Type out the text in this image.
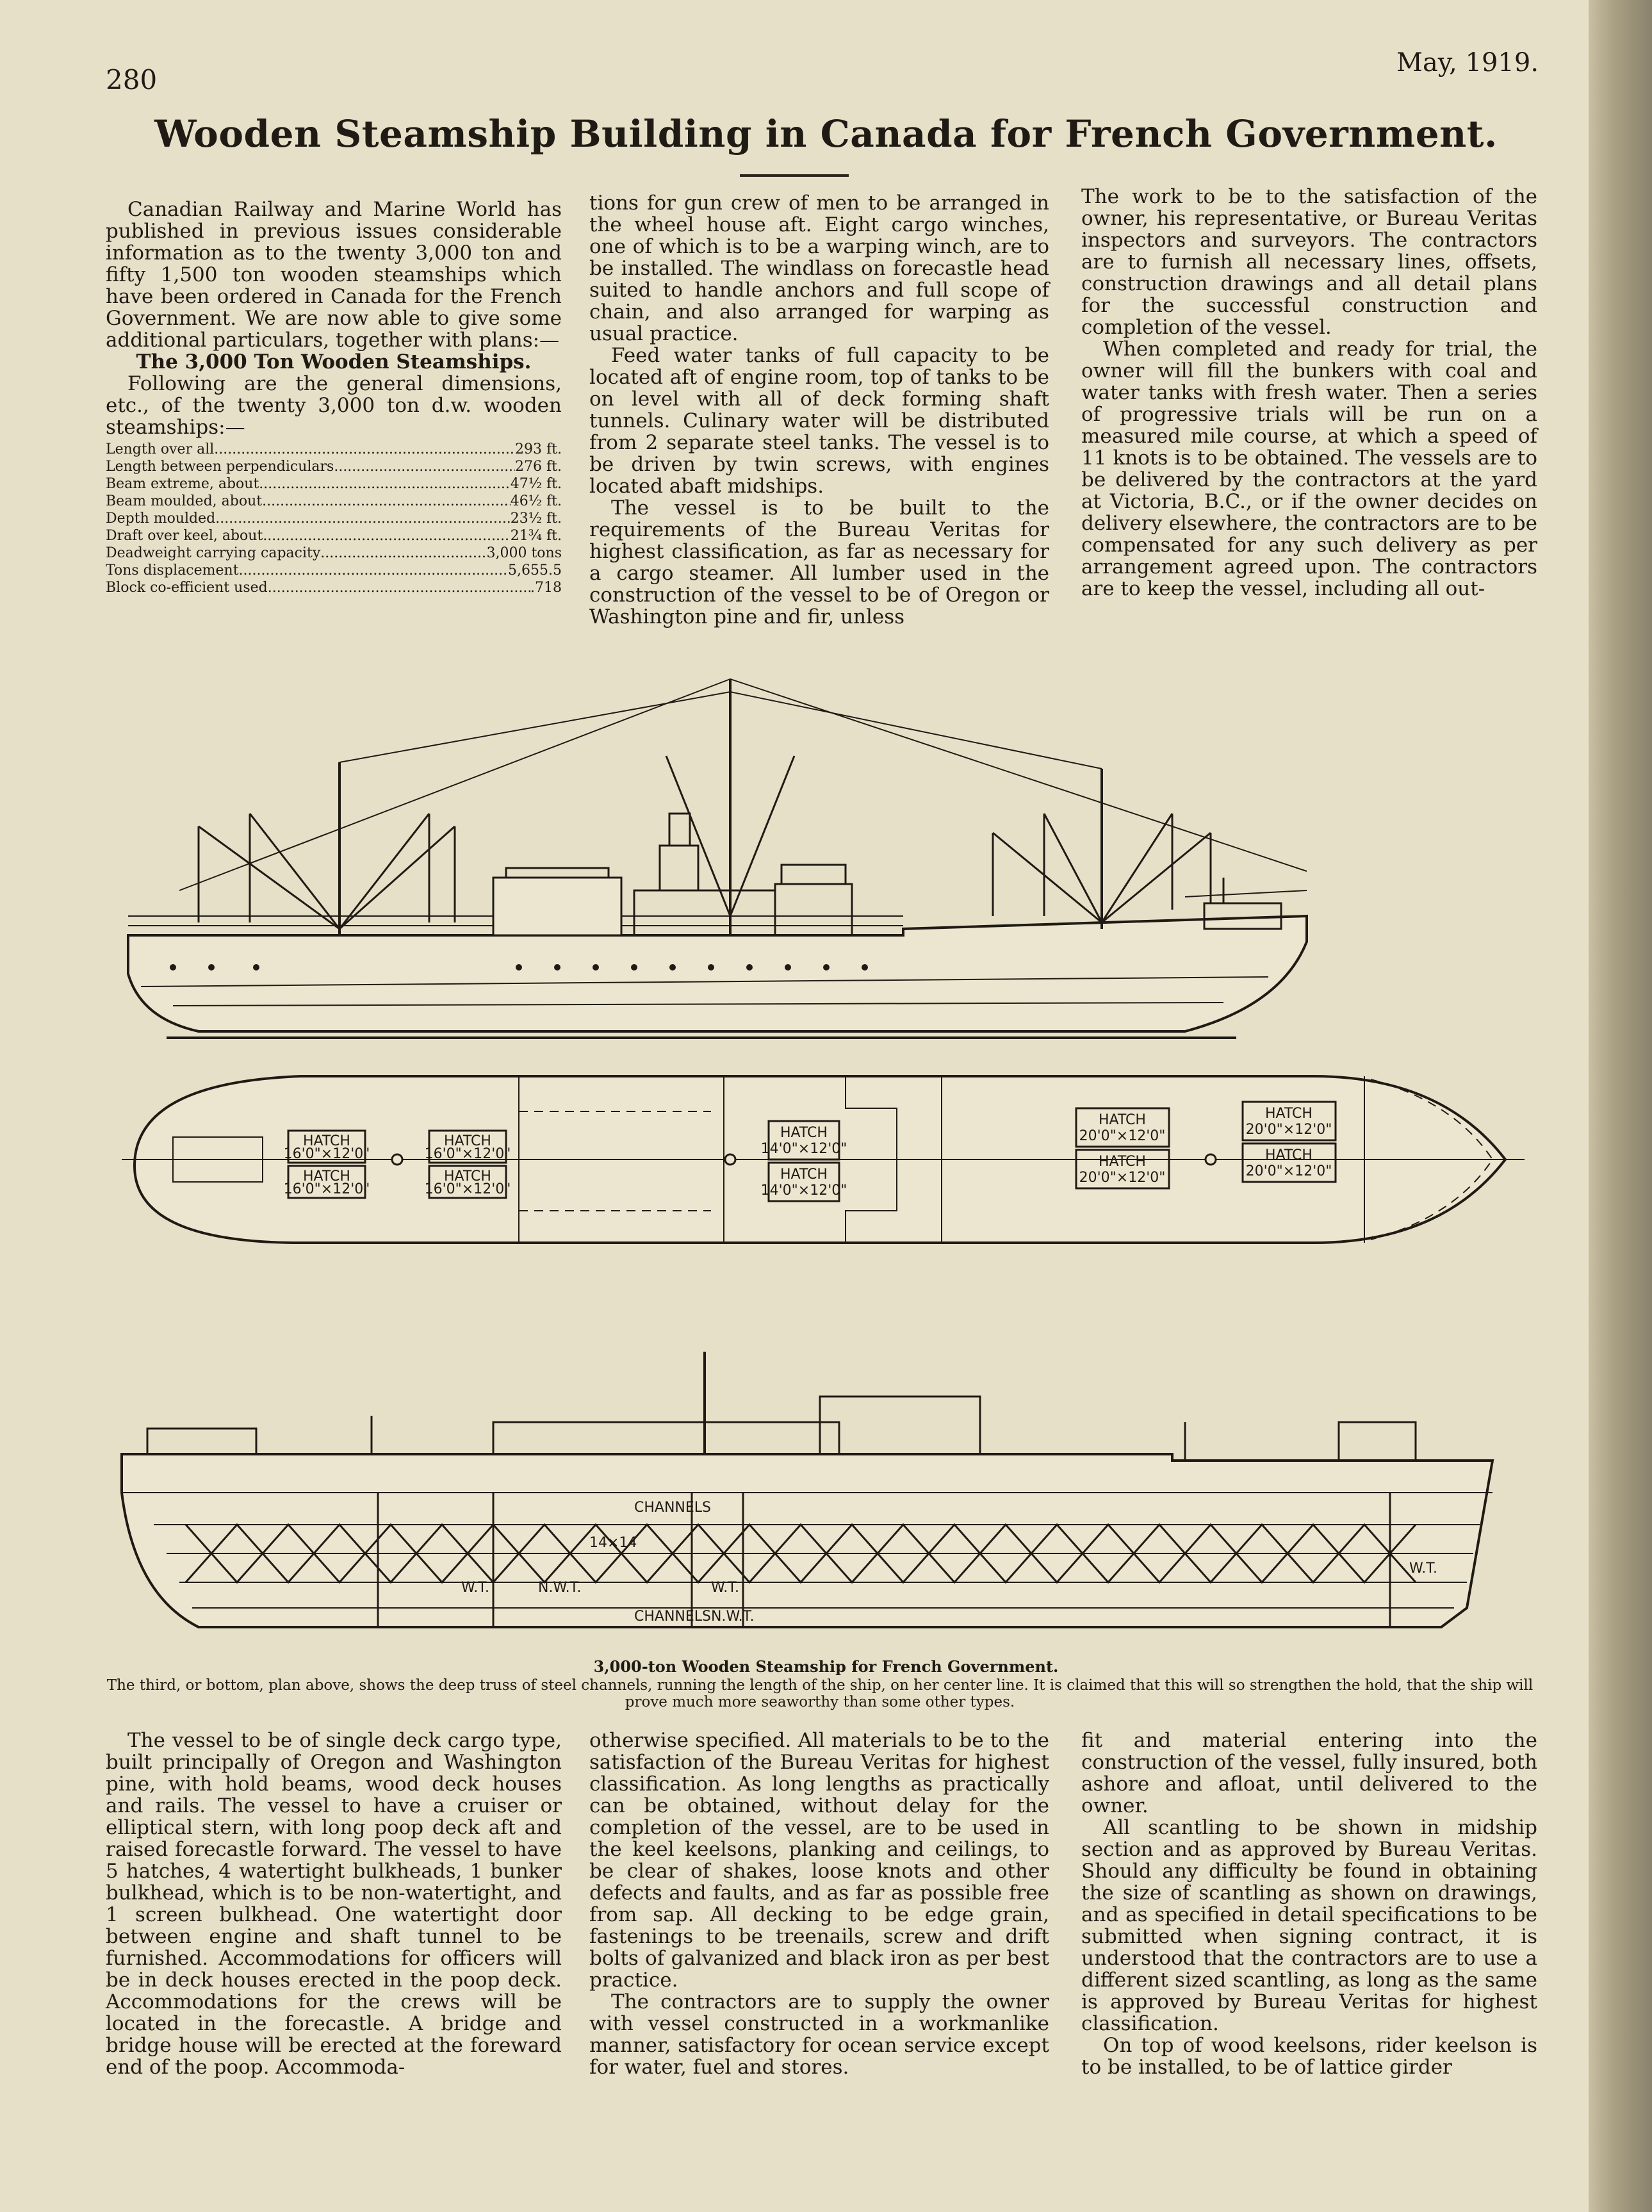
280
May, 1919.
Wooden Steamship Building in Canada for French Government.

Canadian Railway and Marine World has published in previous issues considerable information as to the twenty 3,000 ton and fifty 1,500 ton wooden steamships which have been ordered in Canada for the French Government. We are now able to give some additional particulars, together with plans:—

The 3,000 Ton Wooden Steamships.

Following are the general dimensions, etc., of the twenty 3,000 ton d.w. wooden steamships:—

Length over all .....	293 ft.
Length between perpendiculars .....	276 ft.
Beam extreme, about .....	47½ ft.
Beam moulded, about .....	46½ ft.
Depth moulded .....	23½ ft.
Draft over keel, about .....	21¾ ft.
Deadweight carrying capacity .....	3,000 tons
Tons displacement .....	5,655.5
Block co-efficient used .....	.718

tions for gun crew of men to be arranged in the wheel house aft. Eight cargo winches, one of which is to be a warping winch, are to be installed. The windlass on forecastle head suited to handle anchors and full scope of chain, and also arranged for warping as usual practice.

Feed water tanks of full capacity to be located aft of engine room, top of tanks to be on level with all of deck forming shaft tunnels. Culinary water will be distributed from 2 separate steel tanks. The vessel is to be driven by twin screws, with engines located abaft midships.

The vessel is to be built to the requirements of the Bureau Veritas for highest classification, as far as necessary for a cargo steamer. All lumber used in the construction of the vessel to be of Oregon or Washington pine and fir, unless

The work to be to the satisfaction of the owner, his representative, or Bureau Veritas inspectors and surveyors. The contractors are to furnish all necessary lines, offsets, construction drawings and all detail plans for the successful construction and completion of the vessel.

When completed and ready for trial, the owner will fill the bunkers with coal and water tanks with fresh water. Then a series of progressive trials will be run on a measured mile course, at which a speed of 11 knots is to be obtained. The vessels are to be delivered by the contractors at the yard at Victoria, B.C., or if the owner decides on delivery elsewhere, the contractors are to be compensated for any such delivery as per arrangement agreed upon. The contractors are to keep the vessel, including all out-

HATCH
16'0"×12'0"
HATCH
16'0"×12'0"
HATCH
16'0"×12'0"
HATCH
16'0"×12'0"
HATCH
14'0"×12'0"
HATCH
14'0"×12'0"
HATCH
20'0"×12'0"
HATCH
20'0"×12'0"
HATCH
20'0"×12'0"
HATCH
20'0"×12'0"
CHANNELS
14×14
W.T.	N.W.T.	W.T.
CHANNELS N.W.T.
W.T.
3,000-ton Wooden Steamship for French Government.
The third, or bottom, plan above, shows the deep truss of steel channels, running the length of the ship, on her center line. It is claimed that this will so strengthen the hold, that the ship will prove much more seaworthy than some other types.

The vessel to be of single deck cargo type, built principally of Oregon and Washington pine, with hold beams, wood deck houses and rails. The vessel to have a cruiser or elliptical stern, with long poop deck aft and raised forecastle forward. The vessel to have 5 hatches, 4 watertight bulkheads, 1 bunker bulkhead, which is to be non-watertight, and 1 screen bulkhead. One watertight door between engine and shaft tunnel to be furnished. Accommodations for officers will be in deck houses erected in the poop deck. Accommodations for the crews will be located in the forecastle. A bridge and bridge house will be erected at the foreward end of the poop. Accommoda-

otherwise specified. All materials to be to the satisfaction of the Bureau Veritas for highest classification. As long lengths as practically can be obtained, without delay for the completion of the vessel, are to be used in the keel keelsons, planking and ceilings, to be clear of shakes, loose knots and other defects and faults, and as far as possible free from sap. All decking to be edge grain, fastenings to be treenails, screw and drift bolts of galvanized and black iron as per best practice.

The contractors are to supply the owner with vessel constructed in a workmanlike manner, satisfactory for ocean service except for water, fuel and stores.

fit and material entering into the construction of the vessel, fully insured, both ashore and afloat, until delivered to the owner.

All scantling to be shown in midship section and as approved by Bureau Veritas. Should any difficulty be found in obtaining the size of scantling as shown on drawings, and as specified in detail specifications to be submitted when signing contract, it is understood that the contractors are to use a different sized scantling, as long as the same is approved by Bureau Veritas for highest classification.

On top of wood keelsons, rider keelson is to be installed, to be of lattice girder
